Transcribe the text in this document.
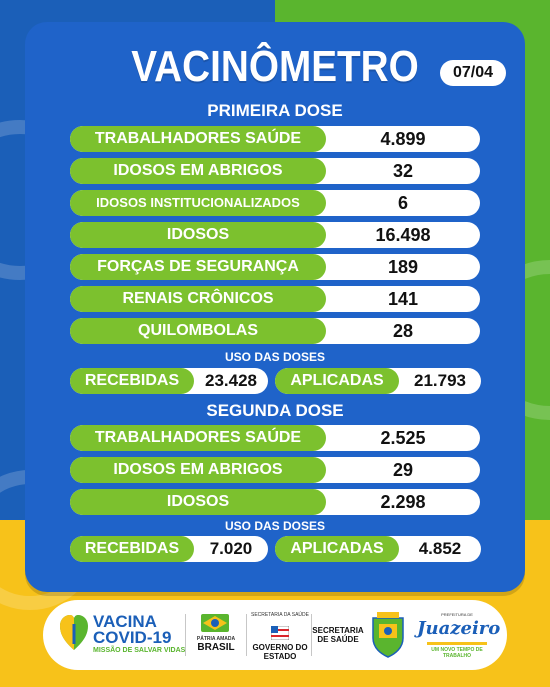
VACINÔMETRO	07/04
PRIMEIRA DOSE
TRABALHADORES SAÚDE	4.899
IDOSOS EM ABRIGOS	32
IDOSOS INSTITUCIONALIZADOS	6
IDOSOS	16.498
FORÇAS DE SEGURANÇA	189
RENAIS CRÔNICOS	141
QUILOMBOLAS	28
USO DAS DOSES
RECEBIDAS	23.428	APLICADAS	21.793
SEGUNDA DOSE
TRABALHADORES SAÚDE	2.525
IDOSOS EM ABRIGOS	29
IDOSOS	2.298
USO DAS DOSES
RECEBIDAS	7.020	APLICADAS	4.852
VACINA
COVID-19
MISSÃO DE SALVAR VIDAS
PÁTRIA AMADA
BRASIL
SECRETARIA DA SAÚDE
GOVERNO DO ESTADO
SECRETARIA DE SAÚDE
PREFEITURA DE
Juazeiro
UM NOVO TEMPO DE TRABALHO
